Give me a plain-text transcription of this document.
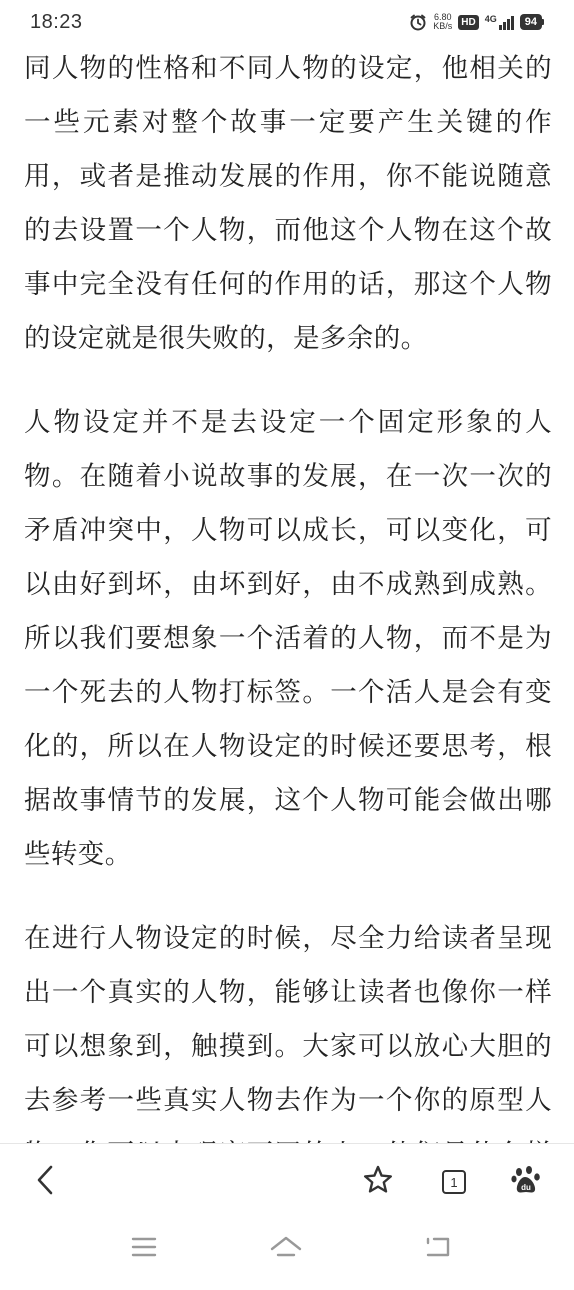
18:23	6.80
KB/s HD	4G	94

同人物的性格和不同人物的设定，他相关的一些元素对整个故事一定要产生关键的作用，或者是推动发展的作用，你不能说随意的去设置一个人物，而他这个人物在这个故事中完全没有任何的作用的话，那这个人物的设定就是很失败的，是多余的。

人物设定并不是去设定一个固定形象的人物。在随着小说故事的发展，在一次一次的矛盾冲突中，人物可以成长，可以变化，可以由好到坏，由坏到好，由不成熟到成熟。所以我们要想象一个活着的人物，而不是为一个死去的人物打标签。一个活人是会有变化的，所以在人物设定的时候还要思考，根据故事情节的发展，这个人物可能会做出哪些转变。

在进行人物设定的时候，尽全力给读者呈现出一个真实的人物，能够让读者也像你一样可以想象到，触摸到。大家可以放心大胆的去参考一些真实人物去作为一个你的原型人

1	du
